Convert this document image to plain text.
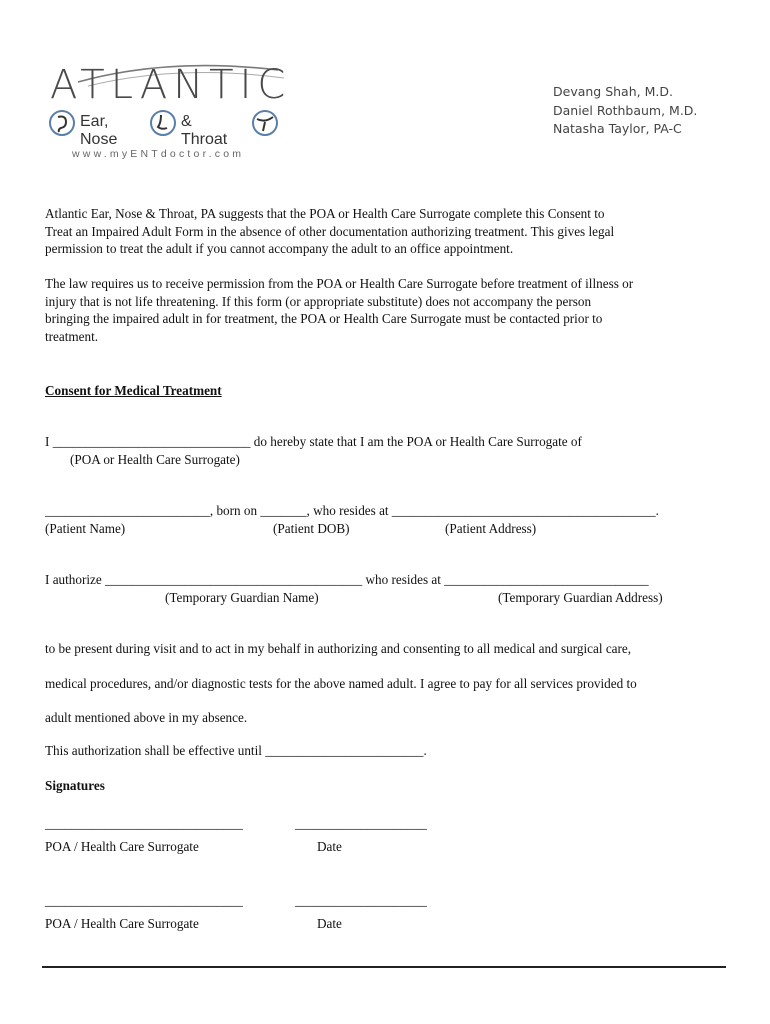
ATLANTIC
Ear, Nose
& Throat
www.myENTdoctor.com
Devang Shah, M.D.
Daniel Rothbaum, M.D.
Natasha Taylor, PA-C
Atlantic Ear, Nose & Throat, PA suggests that the POA or Health Care Surrogate complete this Consent to
Treat an Impaired Adult Form in the absence of other documentation authorizing treatment. This gives legal
permission to treat the adult if you cannot accompany the adult to an office appointment.
The law requires us to receive permission from the POA or Health Care Surrogate before treatment of illness or
injury that is not life threatening. If this form (or appropriate substitute) does not accompany the person
bringing the impaired adult in for treatment, the POA or Health Care Surrogate must be contacted prior to
treatment.
Consent for Medical Treatment
I ______________________________ do hereby state that I am the POA or Health Care Surrogate of
(POA or Health Care Surrogate)
_________________________, born on _______, who resides at ________________________________________.
(Patient Name)	(Patient DOB)	(Patient Address)
I authorize _______________________________________ who resides at _______________________________
(Temporary Guardian Name)	(Temporary Guardian Address)
to be present during visit and to act in my behalf in authorizing and consenting to all medical and surgical care,
medical procedures, and/or diagnostic tests for the above named adult. I agree to pay for all services provided to
adult mentioned above in my absence.
This authorization shall be effective until ________________________.
Signatures
______________________________	____________________
POA / Health Care Surrogate	Date
______________________________	____________________
POA / Health Care Surrogate	Date
